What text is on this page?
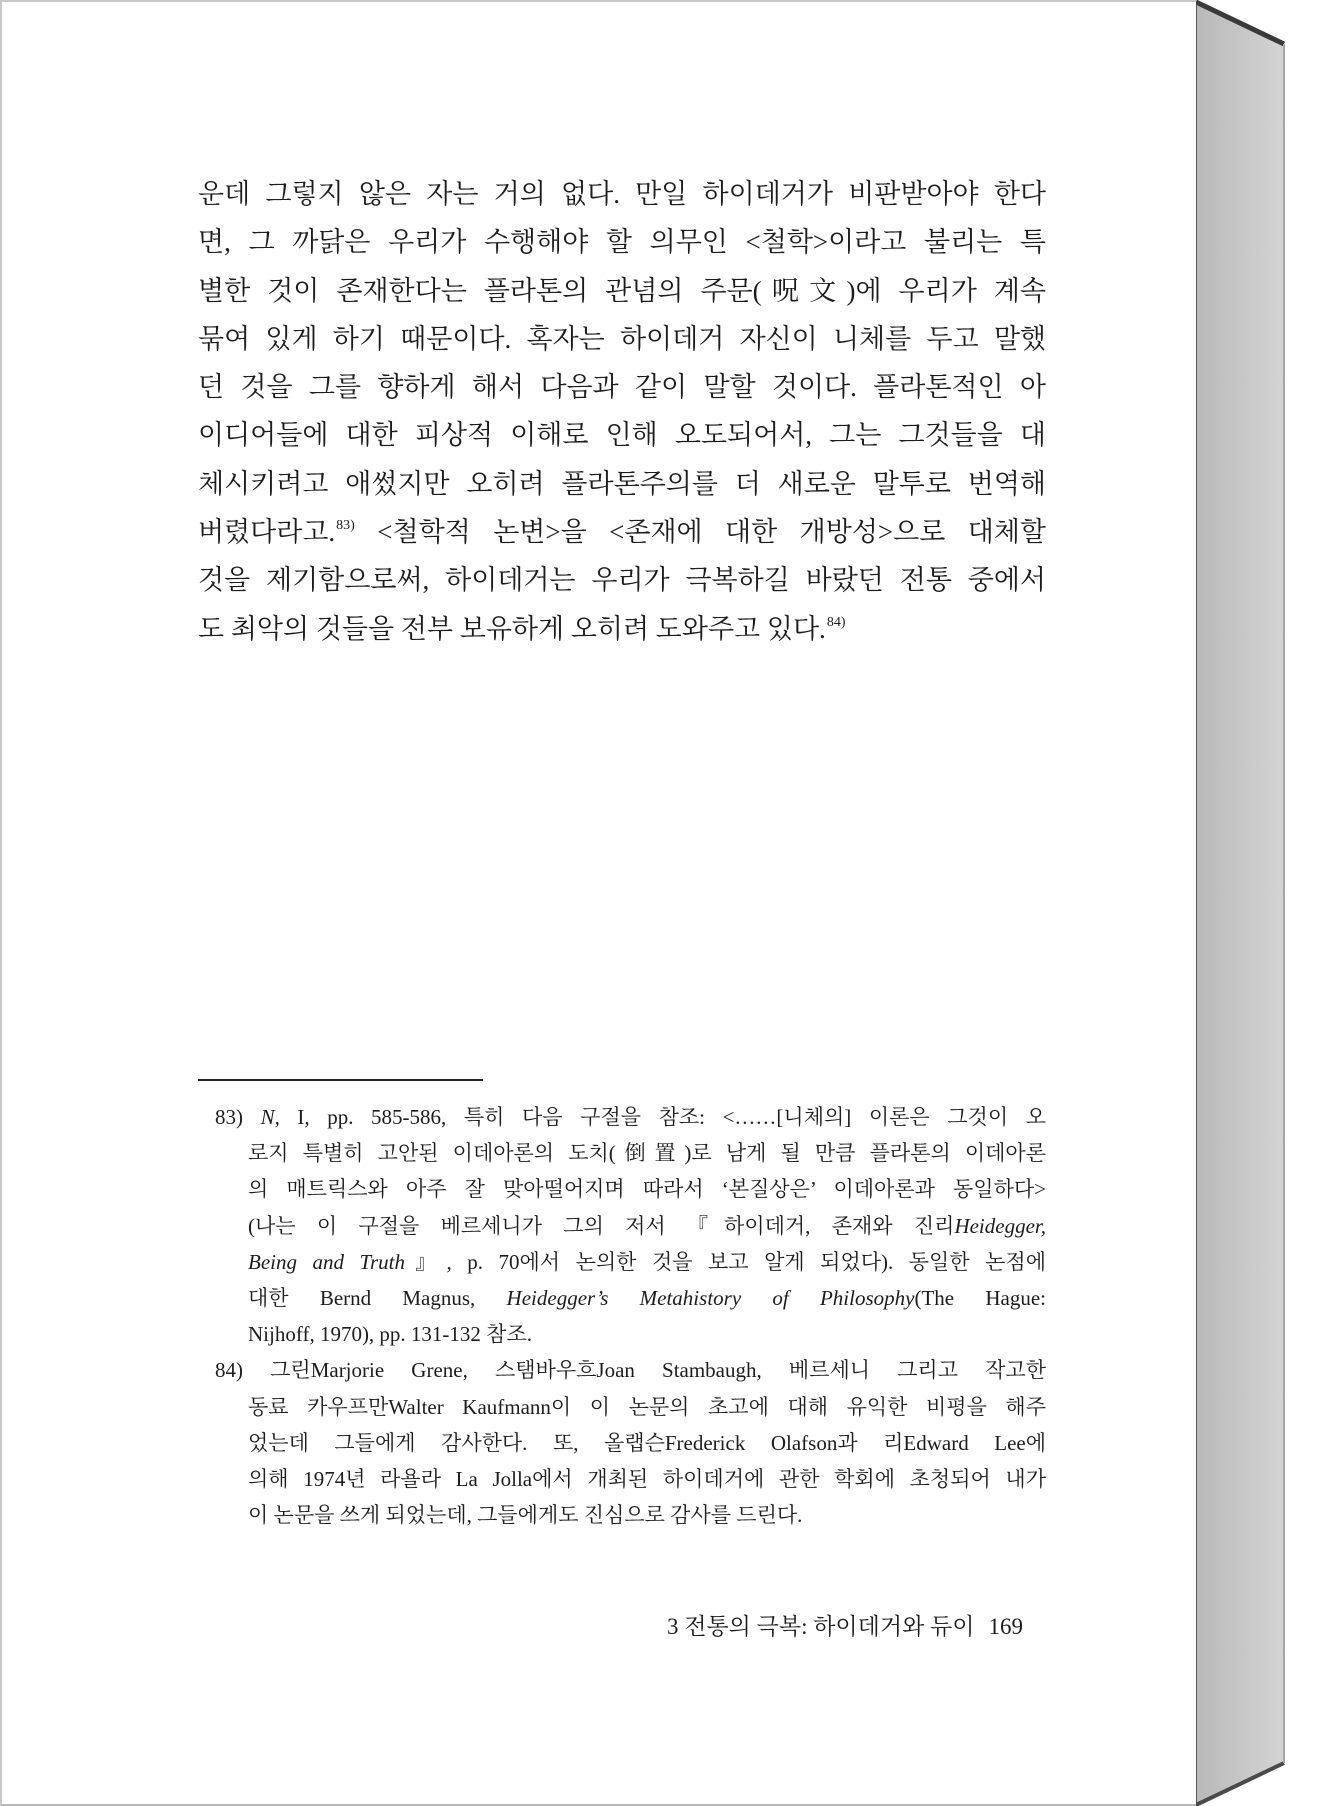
운데 그렇지 않은 자는 거의 없다. 만일 하이데거가 비판받아야 한다
면, 그 까닭은 우리가 수행해야 할 의무인 <철학>이라고 불리는 특
별한 것이 존재한다는 플라톤의 관념의 주문(呪文)에 우리가 계속
묶여 있게 하기 때문이다. 혹자는 하이데거 자신이 니체를 두고 말했
던 것을 그를 향하게 해서 다음과 같이 말할 것이다. 플라톤적인 아
이디어들에 대한 피상적 이해로 인해 오도되어서, 그는 그것들을 대
체시키려고 애썼지만 오히려 플라톤주의를 더 새로운 말투로 번역해
버렸다라고.$^{83)}$ <철학적 논변>을 <존재에 대한 개방성>으로 대체할
것을 제기함으로써, 하이데거는 우리가 극복하길 바랐던 전통 중에서
도 최악의 것들을 전부 보유하게 오히려 도와주고 있다.$^{84)}$
83) N, I, pp. 585-586, 특히 다음 구절을 참조: <……[니체의] 이론은 그것이 오
로지 특별히 고안된 이데아론의 도치(倒置)로 남게 될 만큼 플라톤의 이데아론
의 매트릭스와 아주 잘 맞아떨어지며 따라서 ‘본질상은’ 이데아론과 동일하다>
(나는 이 구절을 베르세니가 그의 저서 『하이데거, 존재와 진리Heidegger,
Being and Truth』, p. 70에서 논의한 것을 보고 알게 되었다). 동일한 논점에
대한 Bernd Magnus, Heidegger’s Metahistory of Philosophy(The Hague:
Nijhoff, 1970), pp. 131-132 참조.
84) 그린Marjorie Grene, 스탬바우흐Joan Stambaugh, 베르세니 그리고 작고한
동료 카우프만Walter Kaufmann이 이 논문의 초고에 대해 유익한 비평을 해주
었는데 그들에게 감사한다. 또, 올랩슨Frederick Olafson과 리Edward Lee에
의해 1974년 라욜라 La Jolla에서 개최된 하이데거에 관한 학회에 초청되어 내가
이 논문을 쓰게 되었는데, 그들에게도 진심으로 감사를 드린다.
3 전통의 극복: 하이데거와 듀이 169
